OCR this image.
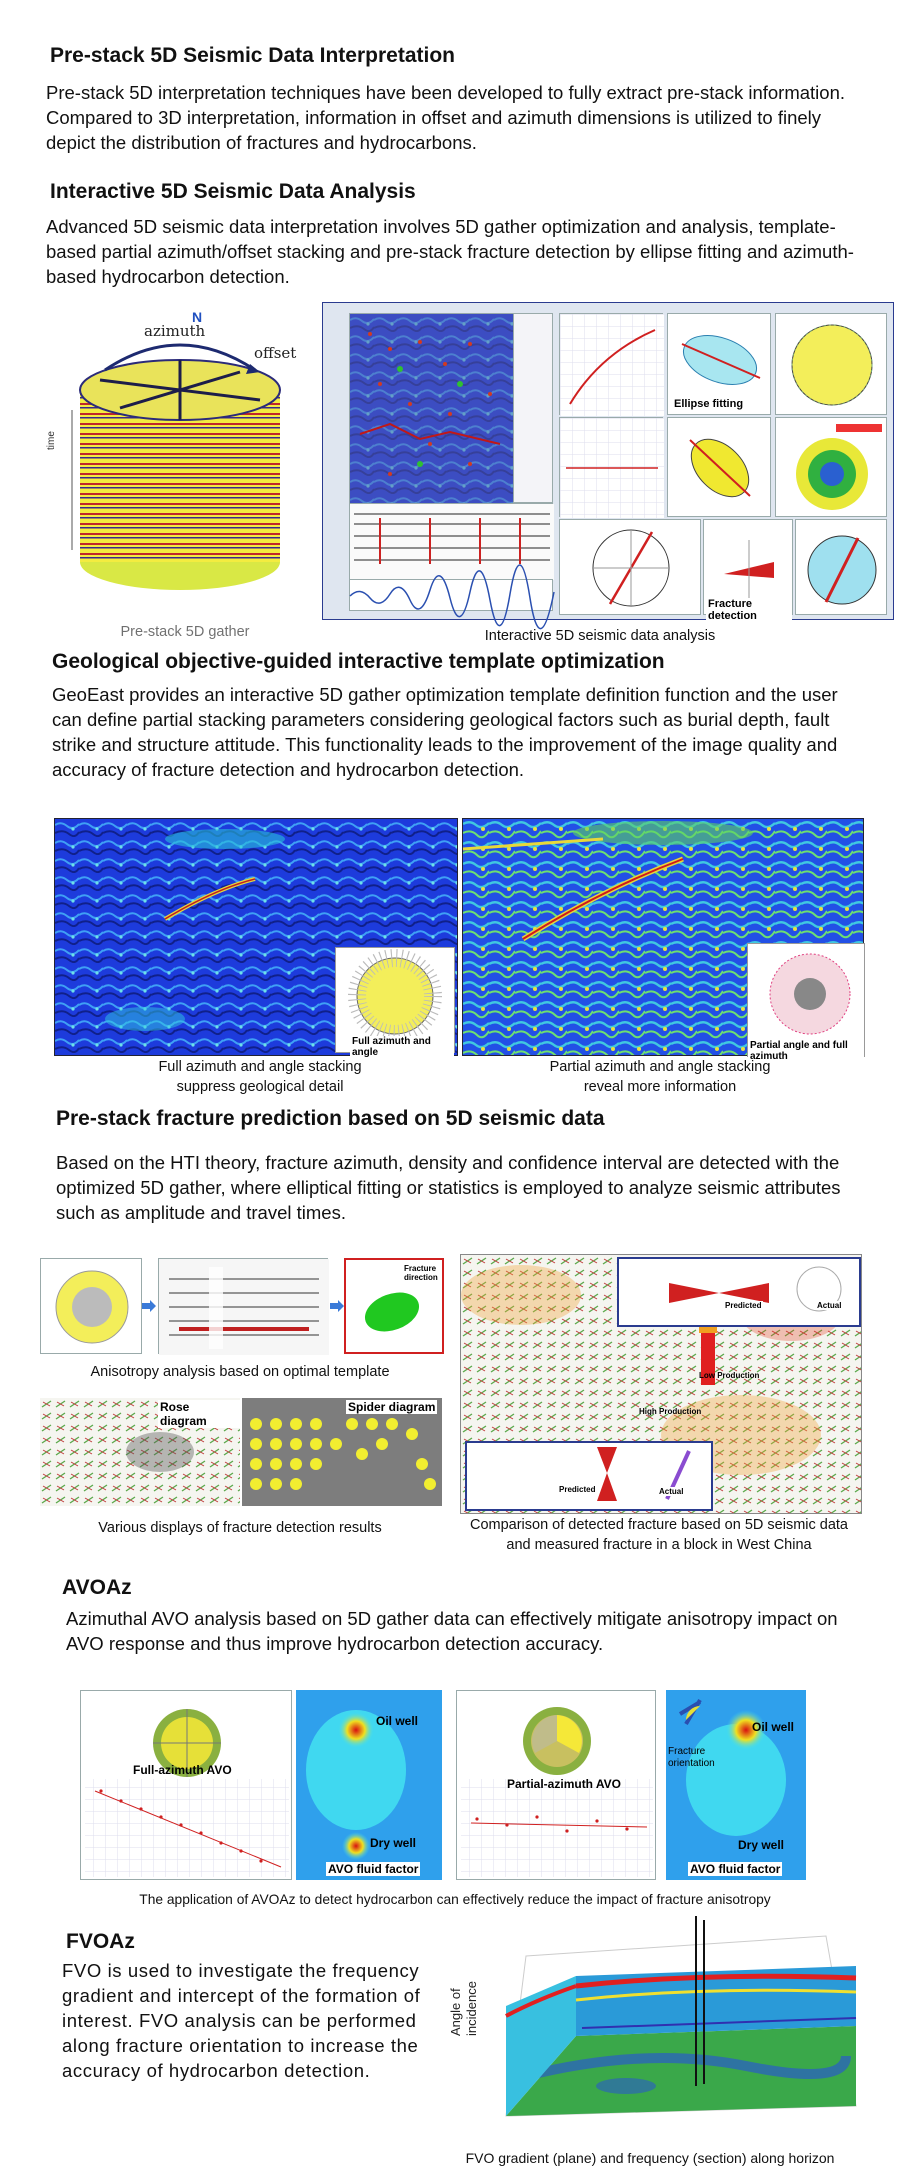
Pre-stack 5D Seismic Data Interpretation
Pre-stack 5D interpretation techniques have been developed to fully extract pre-stack information. Compared to 3D interpretation, information in offset and azimuth dimensions is utilized to finely depict the distribution of fractures and hydrocarbons.
Interactive 5D Seismic Data Analysis
Advanced 5D seismic data interpretation involves 5D gather optimization and analysis, template-based partial azimuth/offset stacking and pre-stack fracture detection by ellipse fitting and azimuth-based hydrocarbon detection.
azimuth
N
offset
time
Pre-stack 5D gather
Ellipse fitting
Fracture detection
Interactive 5D seismic data analysis
Geological objective-guided interactive template optimization
GeoEast provides an interactive 5D gather optimization template definition function and the user can define partial stacking parameters considering geological factors such as burial depth, fault strike and structure attitude. This functionality leads to the improvement of the image quality and accuracy of fracture detection and hydrocarbon detection.
Full azimuth and angle
Partial angle and full azimuth
Full azimuth and angle stacking
suppress geological detail
Partial azimuth and angle stacking
reveal more information
Pre-stack fracture prediction based on 5D seismic data
Based on the HTI theory, fracture azimuth, density and confidence interval are detected with the optimized 5D gather, where elliptical fitting or statistics is employed to analyze seismic attributes such as amplitude and travel times.
Fracture direction
Anisotropy analysis based on optimal template
Rose diagram
Spider diagram
Various displays of fracture detection results
Predicted	Actual
Low Production
High Production
Predicted	Actual
Comparison of detected fracture based on 5D seismic data
and measured fracture in a block in West China
AVOAz
Azimuthal AVO analysis based on 5D gather data can effectively mitigate anisotropy impact on AVO response and thus improve hydrocarbon detection accuracy.
Full-azimuth AVO
Oil well
Dry well
AVO fluid factor
Partial-azimuth AVO
Fracture
orientation
Oil well
Dry well
AVO fluid factor
The application of AVOAz to detect hydrocarbon can effectively reduce the impact of fracture anisotropy
FVOAz
FVO is used to investigate the frequency gradient and intercept of the formation of interest. FVO analysis can be performed along fracture orientation to increase the accuracy of hydrocarbon detection.
Angle of incidence
FVO gradient (plane) and frequency (section) along horizon
